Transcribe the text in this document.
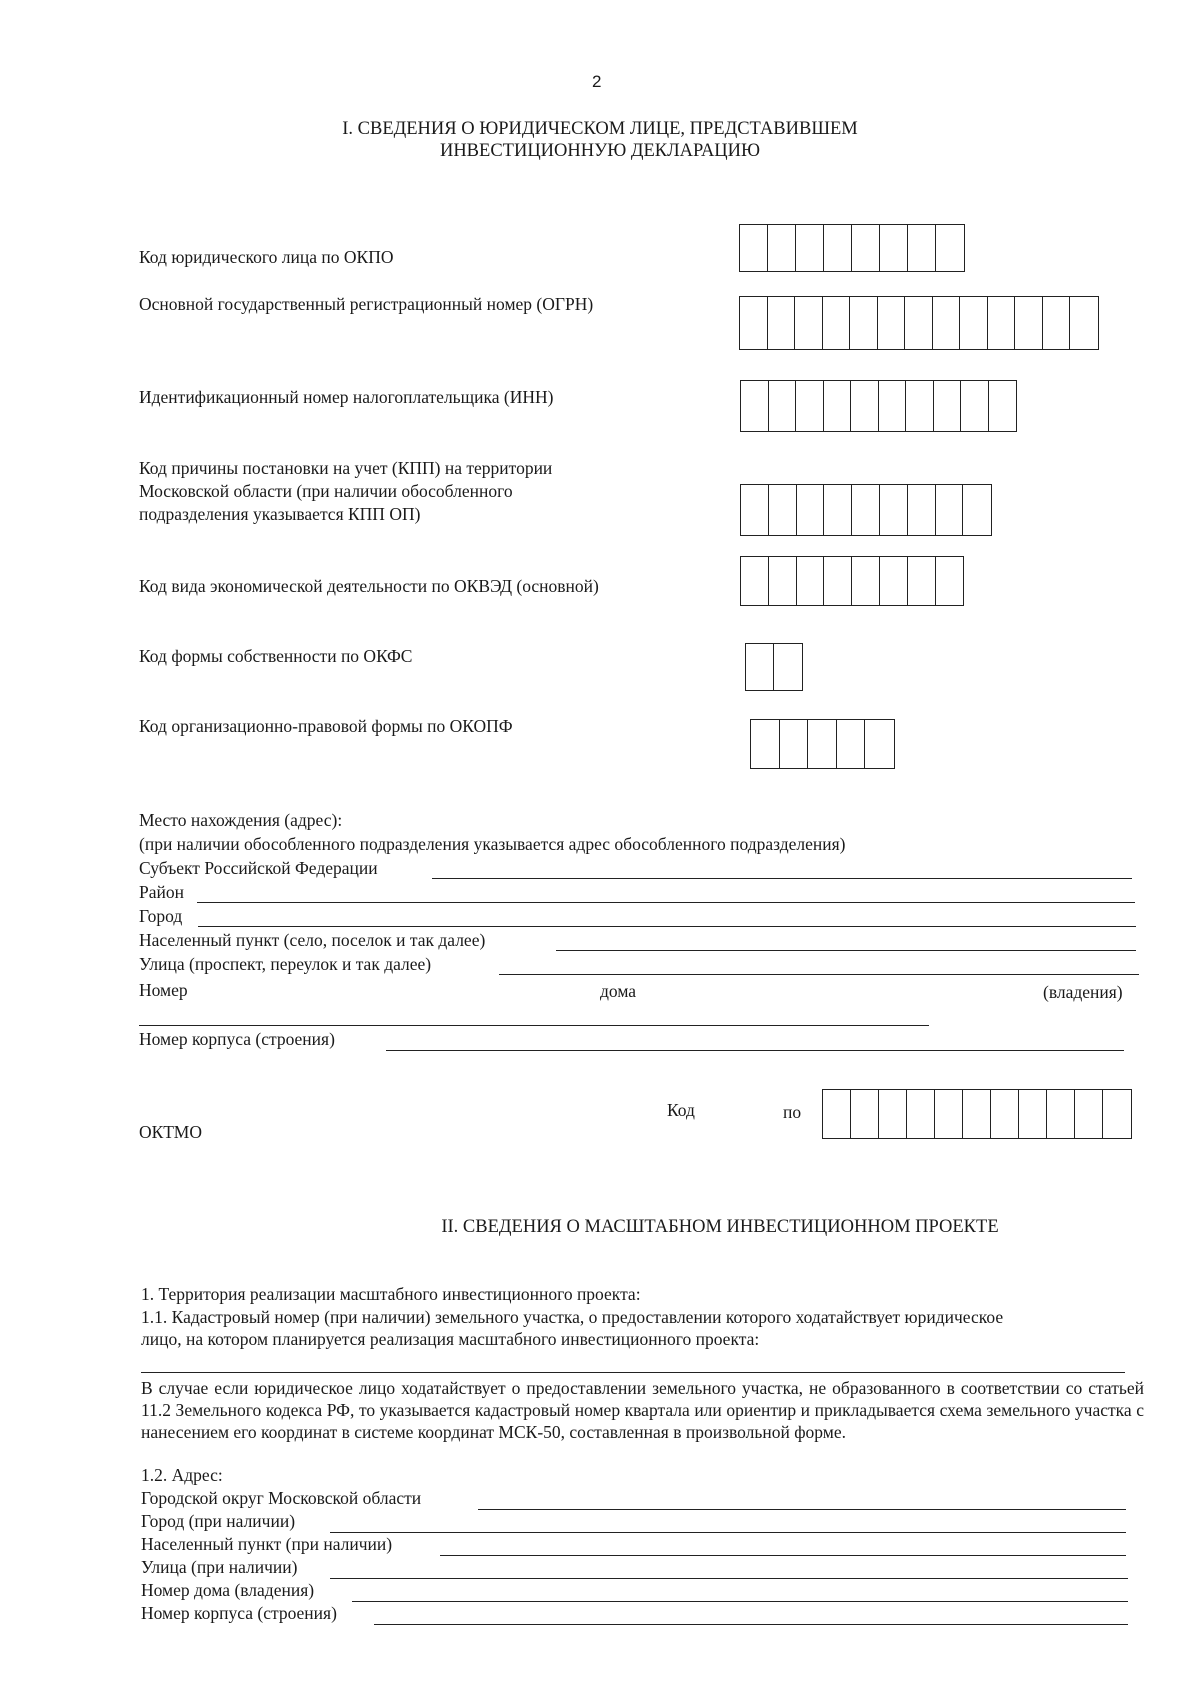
2
I. СВЕДЕНИЯ О ЮРИДИЧЕСКОМ ЛИЦЕ, ПРЕДСТАВИВШЕМ
ИНВЕСТИЦИОННУЮ ДЕКЛАРАЦИЮ
Код юридического лица по ОКПО
Основной государственный регистрационный номер (ОГРН)
Идентификационный номер налогоплательщика (ИНН)
Код причины постановки на учет (КПП) на территории
Московской области (при наличии обособленного
подразделения указывается КПП ОП)
Код вида экономической деятельности по ОКВЭД (основной)
Код формы собственности по ОКФС
Код организационно-правовой формы по ОКОПФ
Место нахождения (адрес):
(при наличии обособленного подразделения указывается адрес обособленного подразделения)
Субъект Российской Федерации
Район
Город
Населенный пункт (село, поселок и так далее)
Улица (проспект, переулок и так далее)
Номер	дома	(владения)
Номер корпуса (строения)
Код	по
ОКТМО
II. СВЕДЕНИЯ О МАСШТАБНОМ ИНВЕСТИЦИОННОМ ПРОЕКТЕ
1. Территория реализации масштабного инвестиционного проекта:
1.1. Кадастровый номер (при наличии) земельного участка, о предоставлении которого ходатайствует юридическое
лицо, на котором планируется реализация масштабного инвестиционного проекта:
В случае если юридическое лицо ходатайствует о предоставлении земельного участка, не образованного в соответствии со статьей 11.2 Земельного кодекса РФ, то указывается кадастровый номер квартала или ориентир и прикладывается схема земельного участка с нанесением его координат в системе координат МСК-50, составленная в произвольной форме.
1.2. Адрес:
Городской округ Московской области
Город (при наличии)
Населенный пункт (при наличии)
Улица (при наличии)
Номер дома (владения)
Номер корпуса (строения)
